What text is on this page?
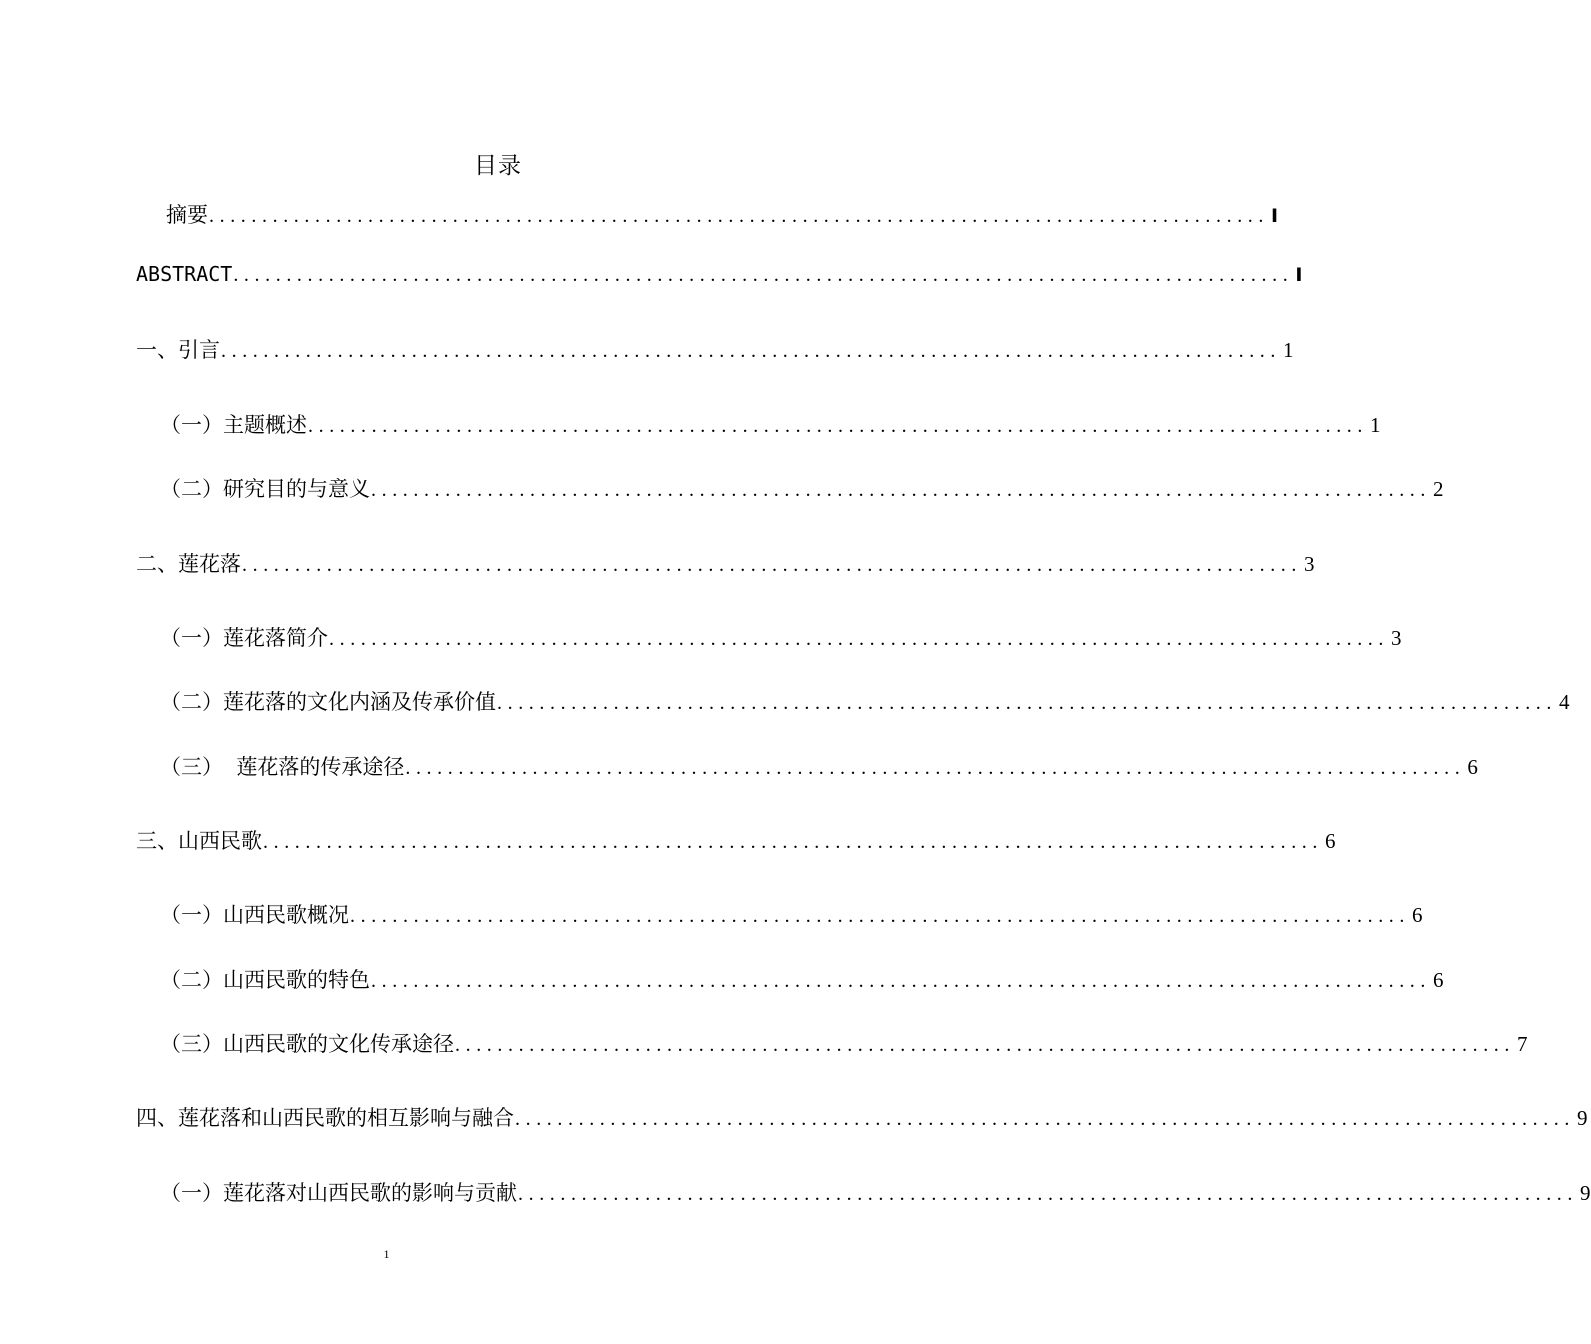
目录
摘要 .................................................................................................... I
ABSTRACT .................................................................................................... I
一、引言 .................................................................................................... 1
（一）主题概述 .................................................................................................... 1
（二）研究目的与意义 .................................................................................................... 2
二、莲花落 .................................................................................................... 3
（一）莲花落简介 .................................................................................................... 3
（二）莲花落的文化内涵及传承价值 .................................................................................................... 4
（三）  莲花落的传承途径 .................................................................................................... 6
三、山西民歌 .................................................................................................... 6
（一）山西民歌概况 .................................................................................................... 6
（二）山西民歌的特色 .................................................................................................... 6
（三）山西民歌的文化传承途径 .................................................................................................... 7
四、莲花落和山西民歌的相互影响与融合 .................................................................................................... 9
（一）莲花落对山西民歌的影响与贡献 .................................................................................................... 9
1
